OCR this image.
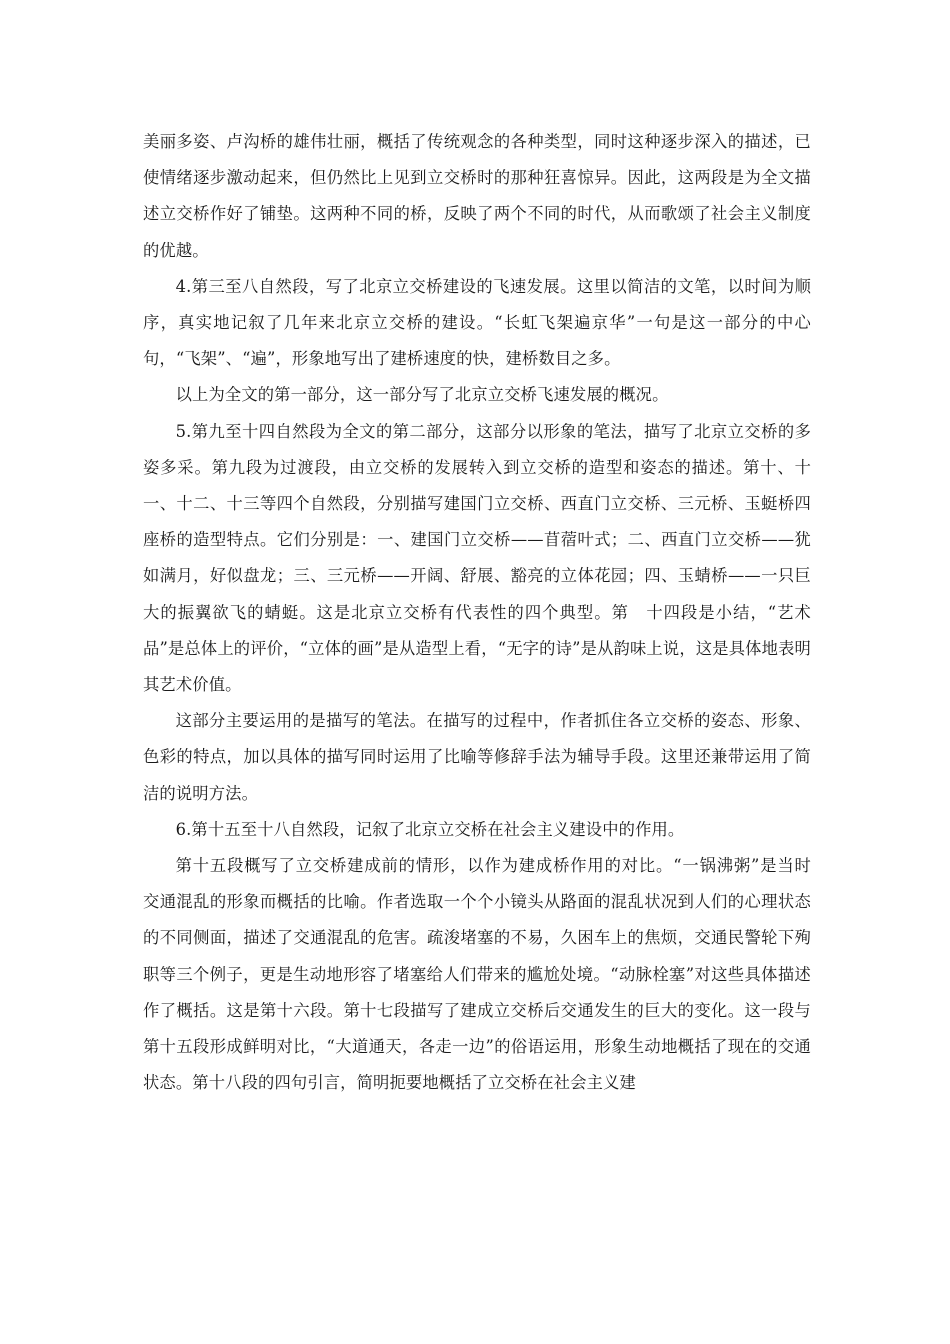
美丽多姿、卢沟桥的雄伟壮丽，概括了传统观念的各种类型，同时这种逐步深入的描述，已使情绪逐步激动起来，但仍然比上见到立交桥时的那种狂喜惊异。因此，这两段是为全文描述立交桥作好了铺垫。这两种不同的桥，反映了两个不同的时代，从而歌颂了社会主义制度的优越。

4.第三至八自然段，写了北京立交桥建设的飞速发展。这里以简洁的文笔，以时间为顺序，真实地记叙了几年来北京立交桥的建设。“长虹飞架遍京华”一句是这一部分的中心句，“飞架”、“遍”，形象地写出了建桥速度的快，建桥数目之多。

以上为全文的第一部分，这一部分写了北京立交桥飞速发展的概况。

5.第九至十四自然段为全文的第二部分，这部分以形象的笔法，描写了北京立交桥的多姿多采。第九段为过渡段，由立交桥的发展转入到立交桥的造型和姿态的描述。第十、十一、十二、十三等四个自然段，分别描写建国门立交桥、西直门立交桥、三元桥、玉蜓桥四座桥的造型特点。它们分别是：一、建国门立交桥——苜蓿叶式；二、西直门立交桥——犹如满月，好似盘龙；三、三元桥——开阔、舒展、豁亮的立体花园；四、玉蜻桥——一只巨大的振翼欲飞的蜻蜓。这是北京立交桥有代表性的四个典型。第　十四段是小结，“艺术品”是总体上的评价，“立体的画”是从造型上看，“无字的诗”是从韵味上说，这是具体地表明其艺术价值。

这部分主要运用的是描写的笔法。在描写的过程中，作者抓住各立交桥的姿态、形象、色彩的特点，加以具体的描写同时运用了比喻等修辞手法为辅导手段。这里还兼带运用了简洁的说明方法。

6.第十五至十八自然段，记叙了北京立交桥在社会主义建设中的作用。

第十五段概写了立交桥建成前的情形，以作为建成桥作用的对比。“一锅沸粥”是当时　交通混乱的形象而概括的比喻。作者选取一个个小镜头从路面的混乱状况到人们的心理状态的不同侧面，描述了交通混乱的危害。疏浚堵塞的不易，久困车上的焦烦，交通民警轮下殉职等三个例子，更是生动地形容了堵塞给人们带来的尴尬处境。“动脉栓塞”对这些具体描述作了概括。这是第十六段。第十七段描写了建成立交桥后交通发生的巨大的变化。这一段与第十五段形成鲜明对比，“大道通天，各走一边”的俗语运用，形象生动地概括了现在的交通状态。第十八段的四句引言，简明扼要地概括了立交桥在社会主义建
